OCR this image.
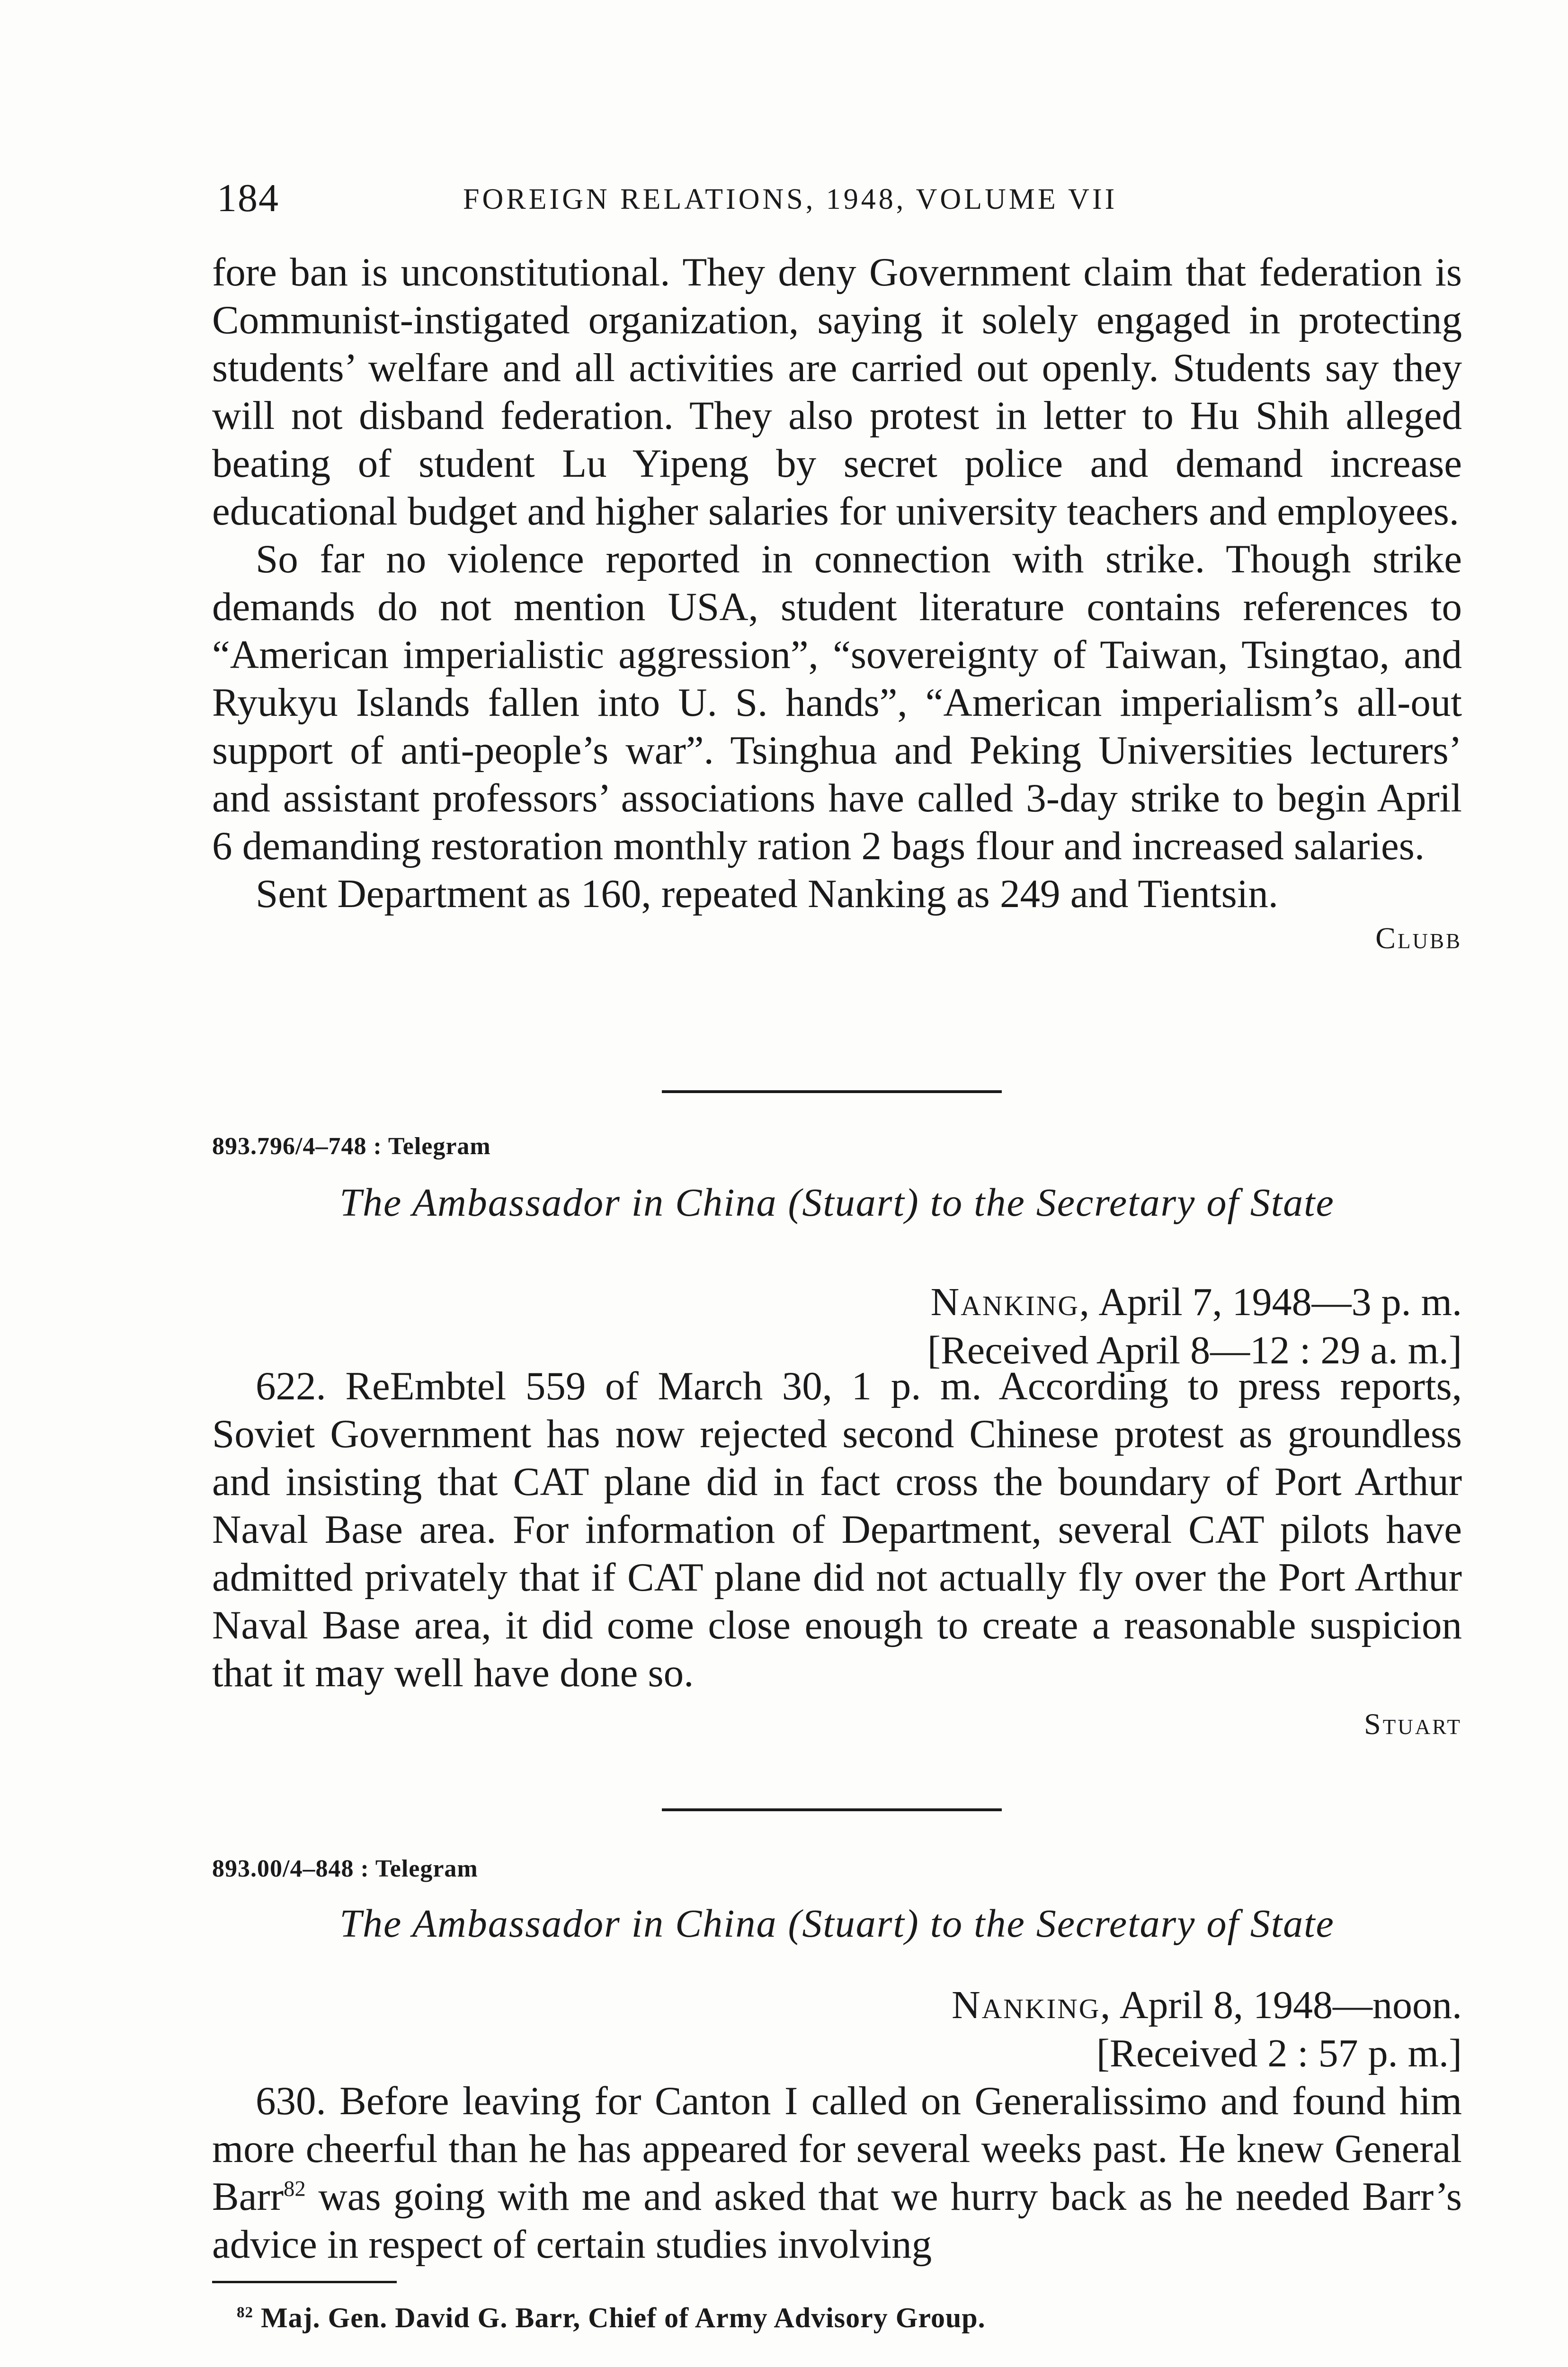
184	FOREIGN RELATIONS, 1948, VOLUME VII

fore ban is unconstitutional. They deny Government claim that federation is Communist-instigated organization, saying it solely engaged in protecting students’ welfare and all activities are carried out openly. Students say they will not disband federation. They also protest in letter to Hu Shih alleged beating of student Lu Yipeng by secret police and demand increase educational budget and higher salaries for university teachers and employees.

So far no violence reported in connection with strike. Though strike demands do not mention USA, student literature contains references to “American imperialistic aggression”, “sovereignty of Taiwan, Tsingtao, and Ryukyu Islands fallen into U. S. hands”, “American imperialism’s all-out support of anti-people’s war”. Tsinghua and Peking Universities lecturers’ and assistant professors’ associations have called 3-day strike to begin April 6 demanding restoration monthly ration 2 bags flour and increased salaries.

Sent Department as 160, repeated Nanking as 249 and Tientsin.

Clubb

893.796/4–748 : Telegram
The Ambassador in China (Stuart) to the Secretary of State
Nanking, April 7, 1948—3 p. m.
[Received April 8—12 : 29 a. m.]

622. ReEmbtel 559 of March 30, 1 p. m. According to press reports, Soviet Government has now rejected second Chinese protest as groundless and insisting that CAT plane did in fact cross the boundary of Port Arthur Naval Base area. For information of Department, several CAT pilots have admitted privately that if CAT plane did not actually fly over the Port Arthur Naval Base area, it did come close enough to create a reasonable suspicion that it may well have done so.

Stuart

893.00/4–848 : Telegram
The Ambassador in China (Stuart) to the Secretary of State
Nanking, April 8, 1948—noon.
[Received 2 : 57 p. m.]

630. Before leaving for Canton I called on Generalissimo and found him more cheerful than he has appeared for several weeks past. He knew General Barr$^{82}$ was going with me and asked that we hurry back as he needed Barr’s advice in respect of certain studies involving

$^{82}$ Maj. Gen. David G. Barr, Chief of Army Advisory Group.
